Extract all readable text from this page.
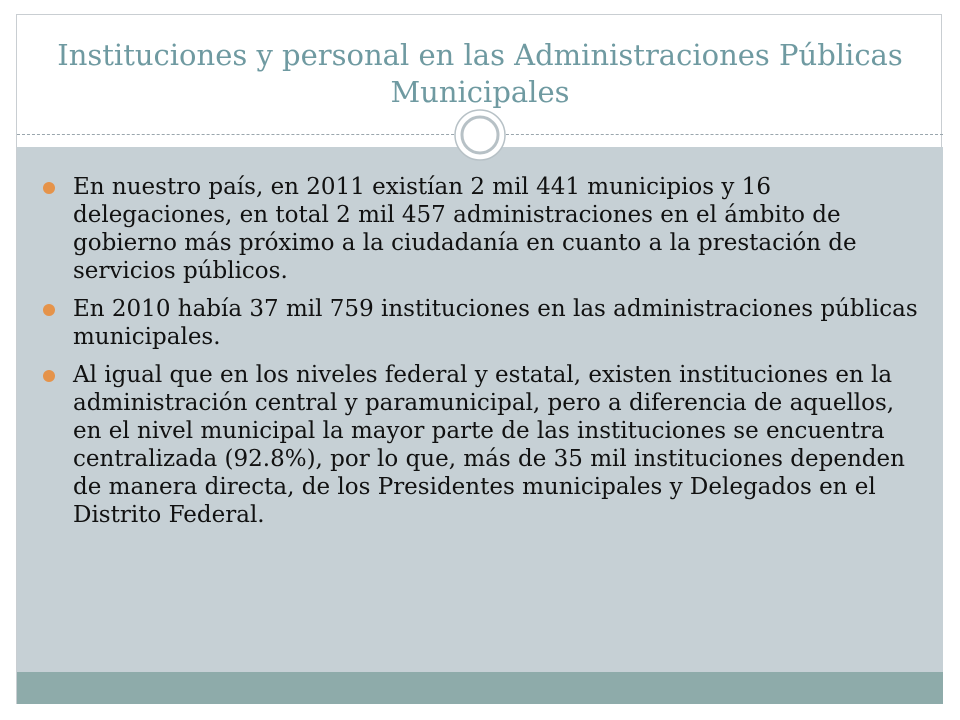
Instituciones y personal en las Administraciones Públicas Municipales
En nuestro país, en 2011 existían 2 mil 441 municipios y 16 delegaciones, en total 2 mil 457 administraciones en el ámbito de gobierno más próximo a la ciudadanía en cuanto a la prestación de servicios públicos.
En 2010 había 37 mil 759 instituciones en las administraciones públicas municipales.
Al igual que en los niveles federal y estatal, existen instituciones en la administración central y paramunicipal, pero a diferencia de aquellos, en el nivel municipal la mayor parte de las instituciones se encuentra centralizada (92.8%), por lo que, más de 35 mil instituciones dependen de manera directa, de los Presidentes municipales y Delegados en el Distrito Federal.
